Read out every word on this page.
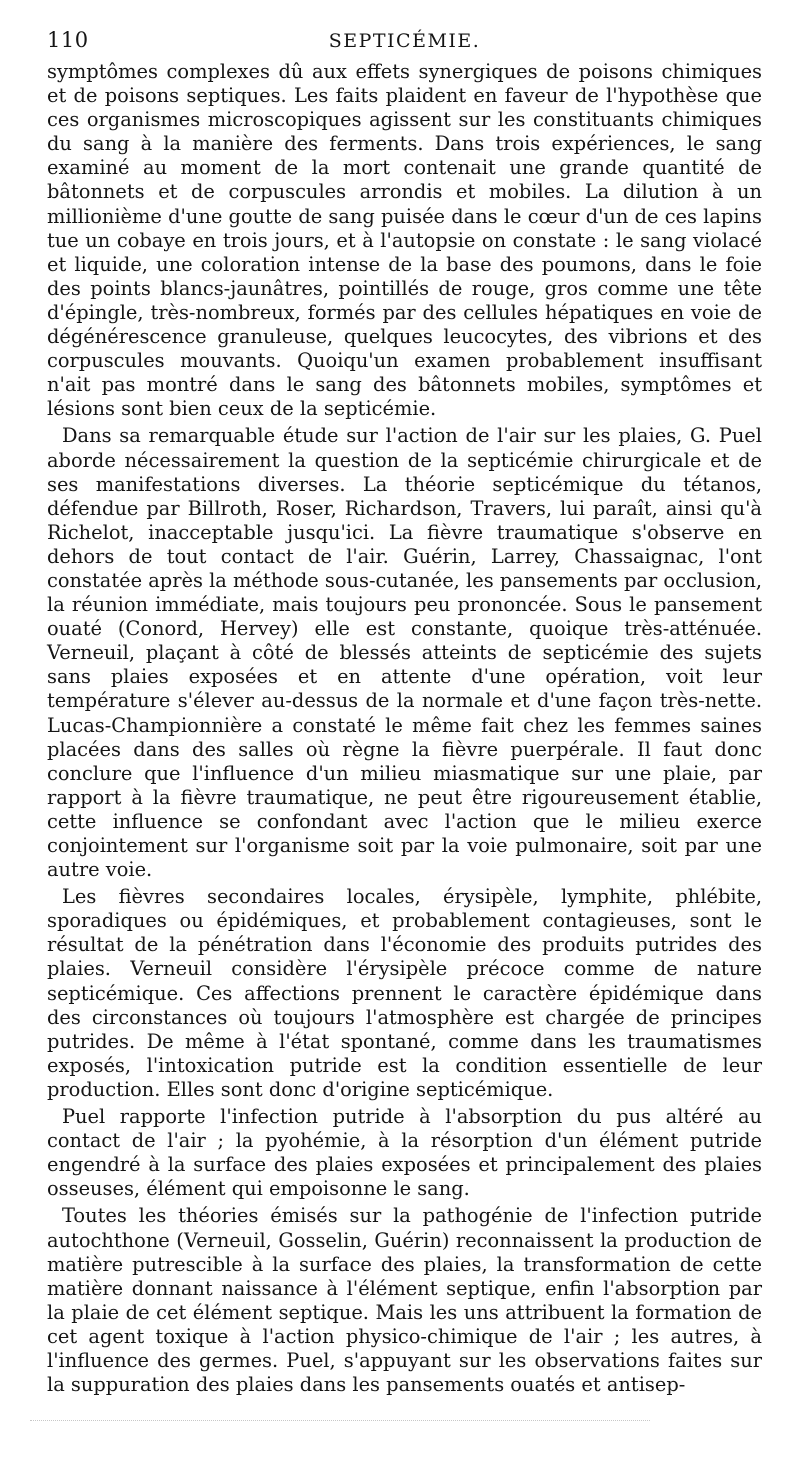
110	SEPTICÉMIE.

symptômes complexes dû aux effets synergiques de poisons chimiques et de poisons septiques. Les faits plaident en faveur de l'hypothèse que ces organismes microscopiques agissent sur les constituants chimiques du sang à la manière des ferments. Dans trois expériences, le sang examiné au moment de la mort contenait une grande quantité de bâtonnets et de corpuscules arrondis et mobiles. La dilution à un millionième d'une goutte de sang puisée dans le cœur d'un de ces lapins tue un cobaye en trois jours, et à l'autopsie on constate : le sang violacé et liquide, une coloration intense de la base des poumons, dans le foie des points blancs-jaunâtres, pointillés de rouge, gros comme une tête d'épingle, très-nombreux, formés par des cellules hépatiques en voie de dégénérescence granuleuse, quelques leucocytes, des vibrions et des corpuscules mouvants. Quoiqu'un examen probablement insuffisant n'ait pas montré dans le sang des bâtonnets mobiles, symptômes et lésions sont bien ceux de la septicémie.

Dans sa remarquable étude sur l'action de l'air sur les plaies, G. Puel aborde nécessairement la question de la septicémie chirurgicale et de ses manifestations diverses. La théorie septicémique du tétanos, défendue par Billroth, Roser, Richardson, Travers, lui paraît, ainsi qu'à Richelot, inacceptable jusqu'ici. La fièvre traumatique s'observe en dehors de tout contact de l'air. Guérin, Larrey, Chassaignac, l'ont constatée après la méthode sous-cutanée, les pansements par occlusion, la réunion immédiate, mais toujours peu prononcée. Sous le pansement ouaté (Conord, Hervey) elle est constante, quoique très-atténuée. Verneuil, plaçant à côté de blessés atteints de septicémie des sujets sans plaies exposées et en attente d'une opération, voit leur température s'élever au-dessus de la normale et d'une façon très-nette. Lucas-Championnière a constaté le même fait chez les femmes saines placées dans des salles où règne la fièvre puerpérale. Il faut donc conclure que l'influence d'un milieu miasmatique sur une plaie, par rapport à la fièvre traumatique, ne peut être rigoureusement établie, cette influence se confondant avec l'action que le milieu exerce conjointement sur l'organisme soit par la voie pulmonaire, soit par une autre voie.

Les fièvres secondaires locales, érysipèle, lymphite, phlébite, sporadiques ou épidémiques, et probablement contagieuses, sont le résultat de la pénétration dans l'économie des produits putrides des plaies. Verneuil considère l'érysipèle précoce comme de nature septicémique. Ces affections prennent le caractère épidémique dans des circonstances où toujours l'atmosphère est chargée de principes putrides. De même à l'état spontané, comme dans les traumatismes exposés, l'intoxication putride est la condition essentielle de leur production. Elles sont donc d'origine septicémique.

Puel rapporte l'infection putride à l'absorption du pus altéré au contact de l'air ; la pyohémie, à la résorption d'un élément putride engendré à la surface des plaies exposées et principalement des plaies osseuses, élément qui empoisonne le sang.

Toutes les théories émisés sur la pathogénie de l'infection putride autochthone (Verneuil, Gosselin, Guérin) reconnaissent la production de matière putrescible à la surface des plaies, la transformation de cette matière donnant naissance à l'élément septique, enfin l'absorption par la plaie de cet élément septique. Mais les uns attribuent la formation de cet agent toxique à l'action physico-chimique de l'air ; les autres, à l'influence des germes. Puel, s'appuyant sur les observations faites sur la suppuration des plaies dans les pansements ouatés et antisep-
